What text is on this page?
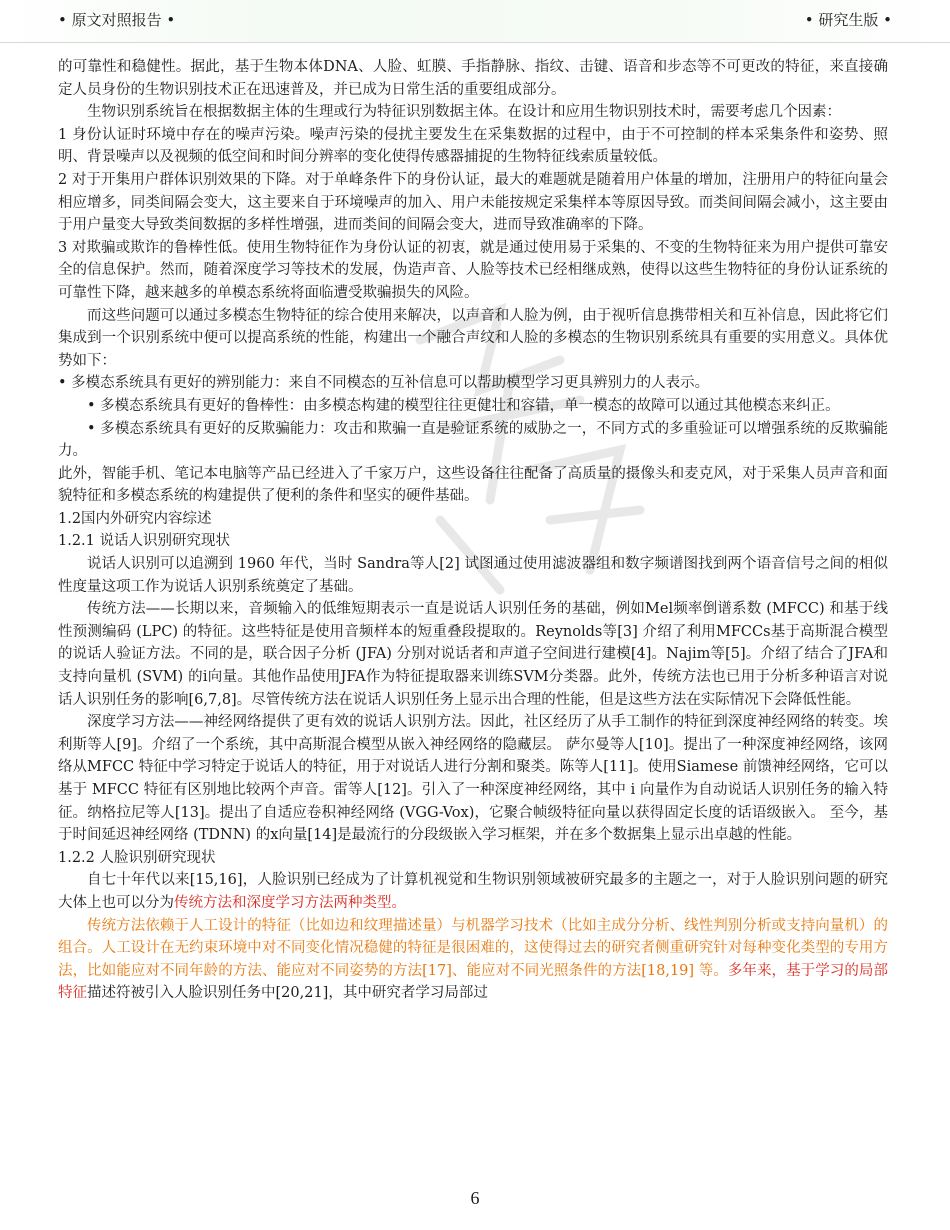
• 原文对照报告 •	• 研究生版 •

的可靠性和稳健性。据此，基于生物本体DNA、人脸、虹膜、手指静脉、指纹、击键、语音和步态等不可更改的特征，来直接确定人员身份的生物识别技术正在迅速普及，并已成为日常生活的重要组成部分。

生物识别系统旨在根据数据主体的生理或行为特征识别数据主体。在设计和应用生物识别技术时，需要考虑几个因素：

1 身份认证时环境中存在的噪声污染。噪声污染的侵扰主要发生在采集数据的过程中，由于不可控制的样本采集条件和姿势、照明、背景噪声以及视频的低空间和时间分辨率的变化使得传感器捕捉的生物特征线索质量较低。

2 对于开集用户群体识别效果的下降。对于单峰条件下的身份认证，最大的难题就是随着用户体量的增加，注册用户的特征向量会相应增多，同类间隔会变大，这主要来自于环境噪声的加入、用户未能按规定采集样本等原因导致。而类间间隔会减小，这主要由于用户量变大导致类间数据的多样性增强，进而类间的间隔会变大，进而导致准确率的下降。

3 对欺骗或欺诈的鲁棒性低。使用生物特征作为身份认证的初衷，就是通过使用易于采集的、不变的生物特征来为用户提供可靠安全的信息保护。然而，随着深度学习等技术的发展，伪造声音、人脸等技术已经相继成熟，使得以这些生物特征的身份认证系统的可靠性下降，越来越多的单模态系统将面临遭受欺骗损失的风险。

而这些问题可以通过多模态生物特征的综合使用来解决，以声音和人脸为例，由于视听信息携带相关和互补信息，因此将它们集成到一个识别系统中便可以提高系统的性能，构建出一个融合声纹和人脸的多模态的生物识别系统具有重要的实用意义。具体优势如下：

• 多模态系统具有更好的辨别能力：来自不同模态的互补信息可以帮助模型学习更具辨别力的人表示。

• 多模态系统具有更好的鲁棒性：由多模态构建的模型往往更健壮和容错，单一模态的故障可以通过其他模态来纠正。

• 多模态系统具有更好的反欺骗能力：攻击和欺骗一直是验证系统的威胁之一，不同方式的多重验证可以增强系统的反欺骗能力。

此外，智能手机、笔记本电脑等产品已经进入了千家万户，这些设备往往配备了高质量的摄像头和麦克风，对于采集人员声音和面貌特征和多模态系统的构建提供了便利的条件和坚实的硬件基础。

1.2国内外研究内容综述

1.2.1 说话人识别研究现状

说话人识别可以追溯到 1960 年代，当时 Sandra等人[2] 试图通过使用滤波器组和数字频谱图找到两个语音信号之间的相似性度量这项工作为说话人识别系统奠定了基础。

传统方法——长期以来，音频输入的低维短期表示一直是说话人识别任务的基础，例如Mel频率倒谱系数 (MFCC) 和基于线性预测编码 (LPC) 的特征。这些特征是使用音频样本的短重叠段提取的。Reynolds等[3] 介绍了利用MFCCs基于高斯混合模型的说话人验证方法。不同的是，联合因子分析 (JFA) 分别对说话者和声道子空间进行建模[4]。Najim等[5]。介绍了结合了JFA和支持向量机 (SVM) 的i向量。其他作品使用JFA作为特征提取器来训练SVM分类器。此外，传统方法也已用于分析多种语言对说话人识别任务的影响[6,7,8]。尽管传统方法在说话人识别任务上显示出合理的性能，但是这些方法在实际情况下会降低性能。

深度学习方法——神经网络提供了更有效的说话人识别方法。因此，社区经历了从手工制作的特征到深度神经网络的转变。埃利斯等人[9]。介绍了一个系统，其中高斯混合模型从嵌入神经网络的隐藏层。 萨尔曼等人[10]。提出了一种深度神经网络，该网络从MFCC 特征中学习特定于说话人的特征，用于对说话人进行分割和聚类。陈等人[11]。使用Siamese 前馈神经网络，它可以基于 MFCC 特征有区别地比较两个声音。雷等人[12]。引入了一种深度神经网络，其中 i 向量作为自动说话人识别任务的输入特征。纳格拉尼等人[13]。提出了自适应卷积神经网络 (VGG-Vox)，它聚合帧级特征向量以获得固定长度的话语级嵌入。 至今，基于时间延迟神经网络 (TDNN) 的x向量[14]是最流行的分段级嵌入学习框架，并在多个数据集上显示出卓越的性能。

1.2.2 人脸识别研究现状

自七十年代以来[15,16]，人脸识别已经成为了计算机视觉和生物识别领域被研究最多的主题之一，对于人脸识别问题的研究大体上也可以分为传统方法和深度学习方法两种类型。

传统方法依赖于人工设计的特征（比如边和纹理描述量）与机器学习技术（比如主成分分析、线性判别分析或支持向量机）的组合。人工设计在无约束环境中对不同变化情况稳健的特征是很困难的，这使得过去的研究者侧重研究针对每种变化类型的专用方法，比如能应对不同年龄的方法、能应对不同姿势的方法[17]、能应对不同光照条件的方法[18,19] 等。多年来，基于学习的局部特征描述符被引入人脸识别任务中[20,21]，其中研究者学习局部过

6
